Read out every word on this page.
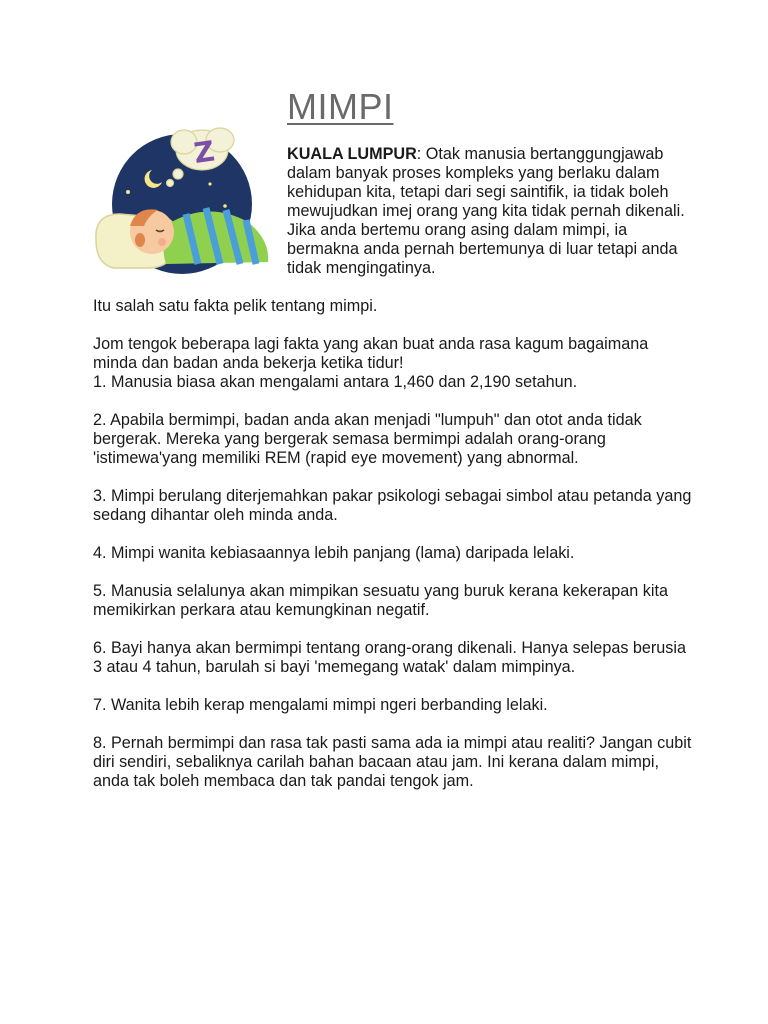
MIMPI
Z	KUALA LUMPUR: Otak manusia bertanggungjawab dalam banyak proses kompleks yang berlaku dalam kehidupan kita, tetapi dari segi saintifik, ia tidak boleh mewujudkan imej orang yang kita tidak pernah dikenali. Jika anda bertemu orang asing dalam mimpi, ia bermakna anda pernah bertemunya di luar tetapi anda tidak mengingatinya.

Itu salah satu fakta pelik tentang mimpi.

Jom tengok beberapa lagi fakta yang akan buat anda rasa kagum bagaimana minda dan badan anda bekerja ketika tidur!
1. Manusia biasa akan mengalami antara 1,460 dan 2,190 setahun.

2. Apabila bermimpi, badan anda akan menjadi "lumpuh" dan otot anda tidak bergerak. Mereka yang bergerak semasa bermimpi adalah orang-orang 'istimewa'yang memiliki REM (rapid eye movement) yang abnormal.

3. Mimpi berulang diterjemahkan pakar psikologi sebagai simbol atau petanda yang sedang dihantar oleh minda anda.

4. Mimpi wanita kebiasaannya lebih panjang (lama) daripada lelaki.

5. Manusia selalunya akan mimpikan sesuatu yang buruk kerana kekerapan kita memikirkan perkara atau kemungkinan negatif.

6. Bayi hanya akan bermimpi tentang orang-orang dikenali. Hanya selepas berusia 3 atau 4 tahun, barulah si bayi 'memegang watak' dalam mimpinya.

7. Wanita lebih kerap mengalami mimpi ngeri berbanding lelaki.

8. Pernah bermimpi dan rasa tak pasti sama ada ia mimpi atau realiti? Jangan cubit diri sendiri, sebaliknya carilah bahan bacaan atau jam. Ini kerana dalam mimpi, anda tak boleh membaca dan tak pandai tengok jam.
